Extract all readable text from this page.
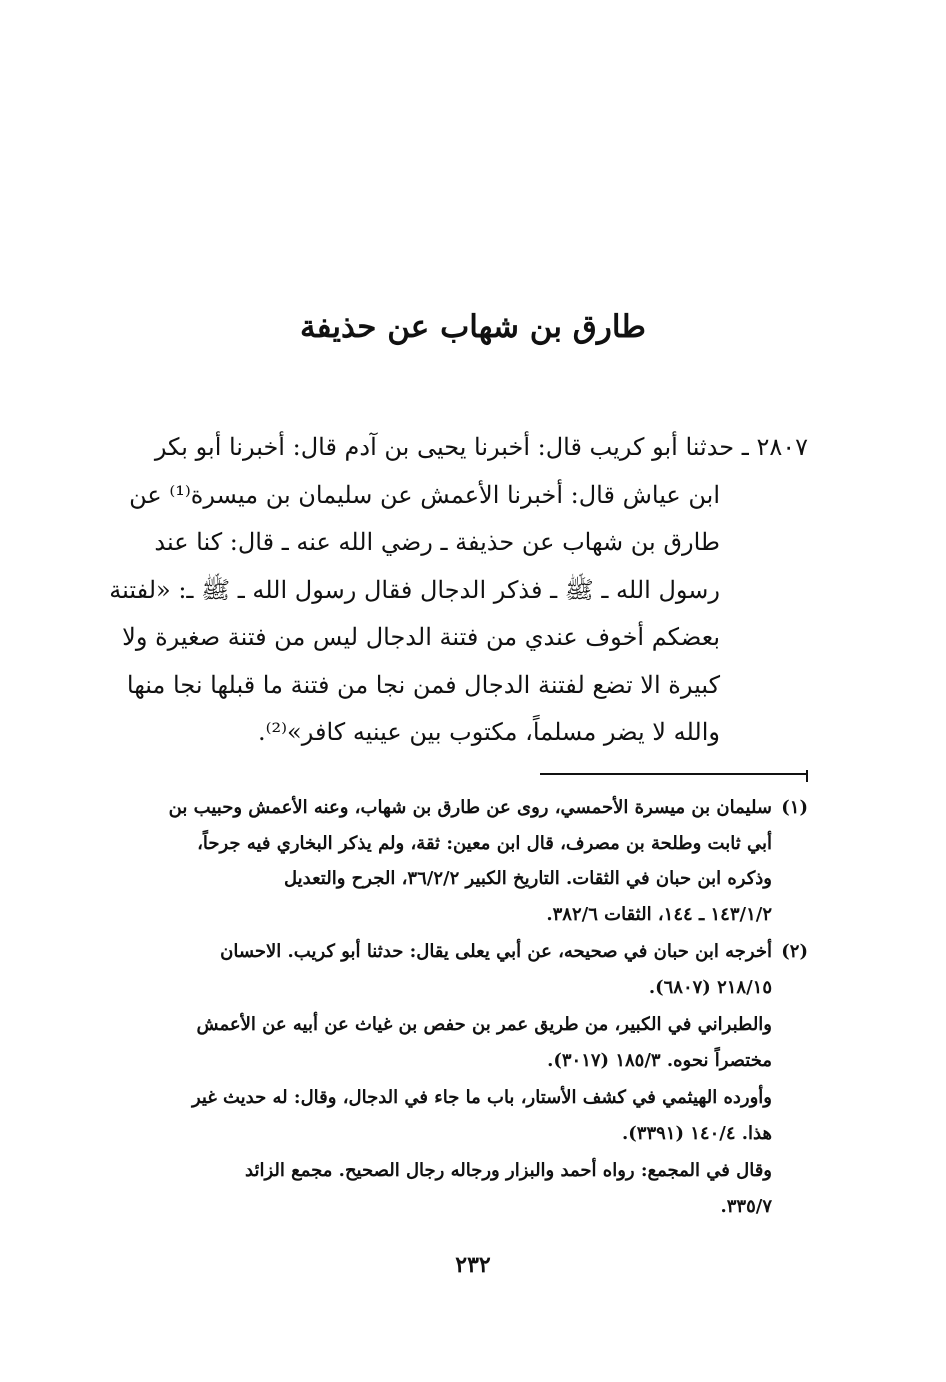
طارق بن شهاب عن حذيفة
٢٨٠٧ ـ حدثنا أبو كريب قال: أخبرنا يحيى بن آدم قال: أخبرنا أبو بكر
ابن عياش قال: أخبرنا الأعمش عن سليمان بن ميسرة⁽¹⁾ عن
طارق بن شهاب عن حذيفة ـ رضي الله عنه ـ قال: كنا عند
رسول الله ـ ﷺ ـ فذكر الدجال فقال رسول الله ـ ﷺ ـ: «لفتنة
بعضكم أخوف عندي من فتنة الدجال ليس من فتنة صغيرة ولا
كبيرة الا تضع لفتنة الدجال فمن نجا من فتنة ما قبلها نجا منها
والله لا يضر مسلماً، مكتوب بين عينيه كافر»⁽²⁾.
(١)
سليمان بن ميسرة الأحمسي، روى عن طارق بن شهاب، وعنه الأعمش وحبيب بن
أبي ثابت وطلحة بن مصرف، قال ابن معين: ثقة، ولم يذكر البخاري فيه جرحاً،
وذكره ابن حبان في الثقات. التاريخ الكبير ٣٦/٢/٢، الجرح والتعديل
١٤٣/١/٢ ـ ١٤٤، الثقات ٣٨٢/٦.
(٢)
أخرجه ابن حبان في صحيحه، عن أبي يعلى يقال: حدثنا أبو كريب. الاحسان
٢١٨/١٥ (٦٨٠٧).
والطبراني في الكبير، من طريق عمر بن حفص بن غياث عن أبيه عن الأعمش
مختصراً نحوه. ١٨٥/٣ (٣٠١٧).
وأورده الهيثمي في كشف الأستار، باب ما جاء في الدجال، وقال: له حديث غير
هذا. ١٤٠/٤ (٣٣٩١).
وقال في المجمع: رواه أحمد والبزار ورجاله رجال الصحيح. مجمع الزائد
٣٣٥/٧.
٢٣٢
